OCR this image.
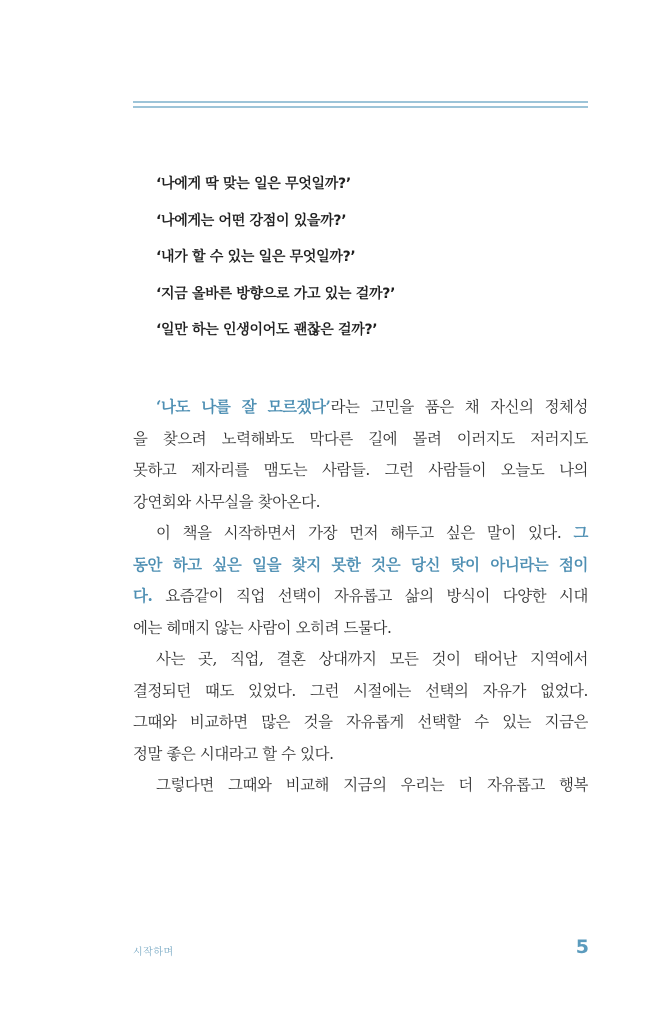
‘나에게 딱 맞는 일은 무엇일까?’
‘나에게는 어떤 강점이 있을까?’
‘내가 할 수 있는 일은 무엇일까?’
‘지금 올바른 방향으로 가고 있는 걸까?’
‘일만 하는 인생이어도 괜찮은 걸까?’

‘나도 나를 잘 모르겠다’라는 고민을 품은 채 자신의 정체성
을 찾으려 노력해봐도 막다른 길에 몰려 이러지도 저러지도
못하고 제자리를 맴도는 사람들. 그런 사람들이 오늘도 나의
강연회와 사무실을 찾아온다.

이 책을 시작하면서 가장 먼저 해두고 싶은 말이 있다. 그
동안 하고 싶은 일을 찾지 못한 것은 당신 탓이 아니라는 점이
다. 요즘같이 직업 선택이 자유롭고 삶의 방식이 다양한 시대
에는 헤매지 않는 사람이 오히려 드물다.

사는 곳, 직업, 결혼 상대까지 모든 것이 태어난 지역에서
결정되던 때도 있었다. 그런 시절에는 선택의 자유가 없었다.
그때와 비교하면 많은 것을 자유롭게 선택할 수 있는 지금은
정말 좋은 시대라고 할 수 있다.

그렇다면 그때와 비교해 지금의 우리는 더 자유롭고 행복

시작하며	5
